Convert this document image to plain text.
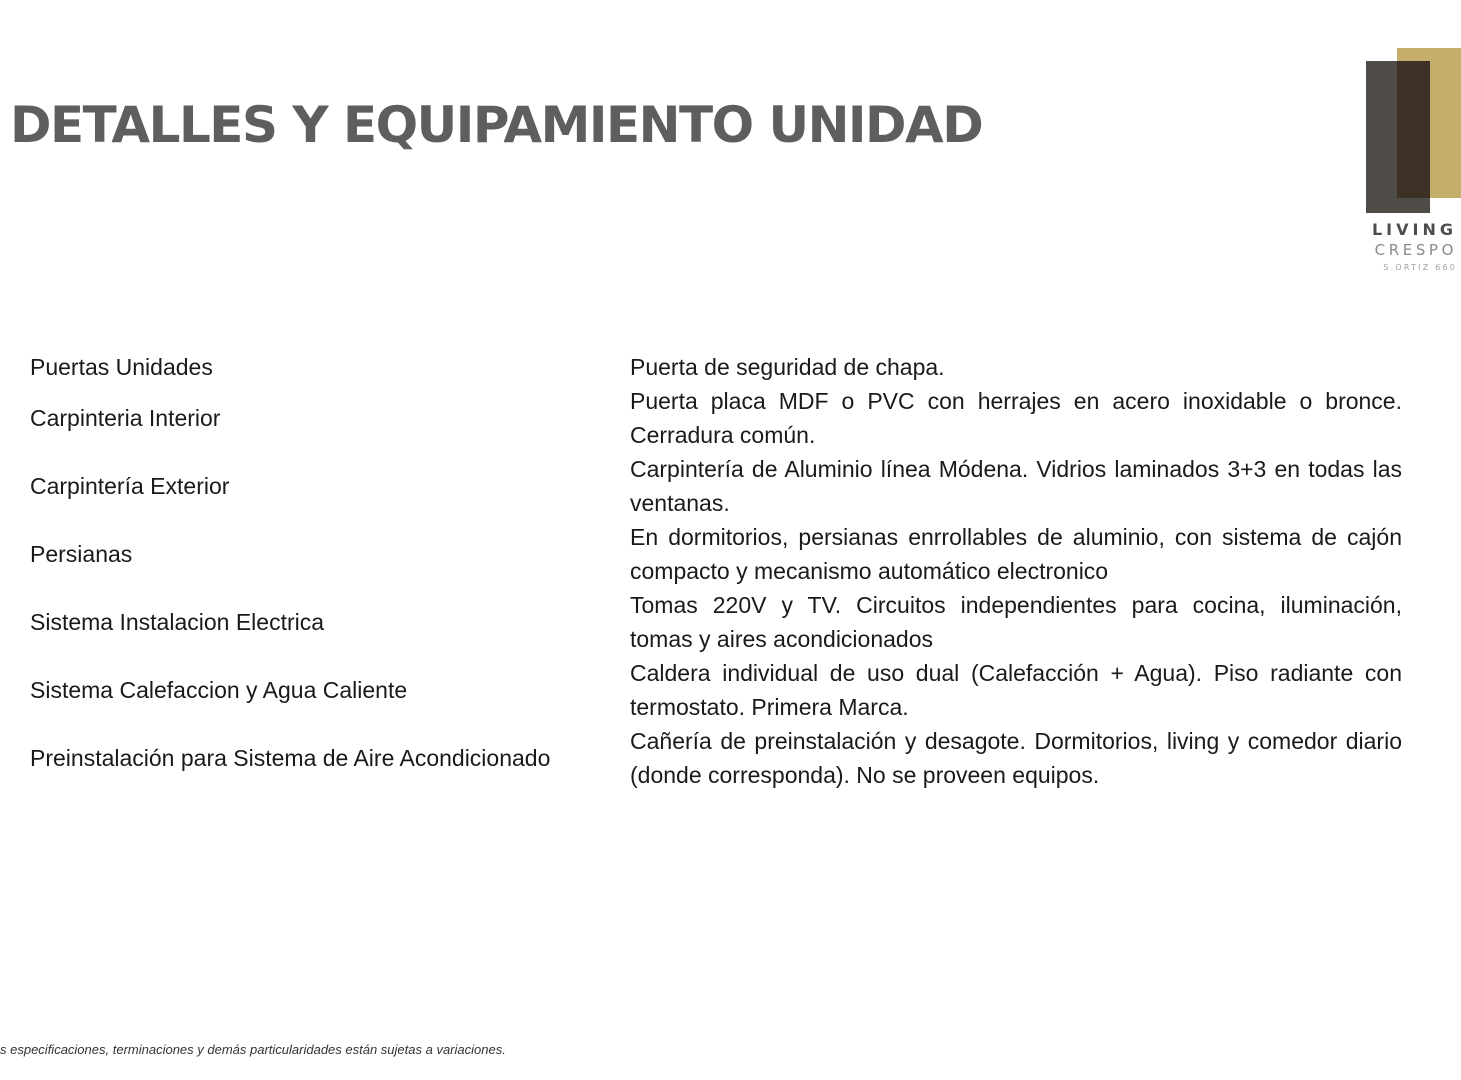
DETALLES Y EQUIPAMIENTO UNIDAD
LIVING
CRESPO
S.ORTIZ 660
Puertas Unidades	Puerta de seguridad de chapa.
Carpinteria Interior
Puerta placa MDF o PVC con herrajes en acero inoxidable o bronce. Cerradura común.
Carpintería Exterior
Carpintería de Aluminio línea Módena. Vidrios laminados 3+3 en todas las ventanas.
Persianas
En dormitorios, persianas enrrollables de aluminio, con sistema de cajón compacto y mecanismo automático electronico
Sistema Instalacion Electrica
Tomas 220V y TV. Circuitos independientes para cocina, iluminación, tomas y aires acondicionados
Sistema Calefaccion y Agua Caliente
Caldera individual de uso dual (Calefacción + Agua). Piso radiante con termostato. Primera Marca.
Preinstalación para Sistema de Aire Acondicionado
Cañería de preinstalación y desagote. Dormitorios, living y comedor diario (donde corresponda). No se proveen equipos.
s especificaciones, terminaciones y demás particularidades están sujetas a variaciones.
